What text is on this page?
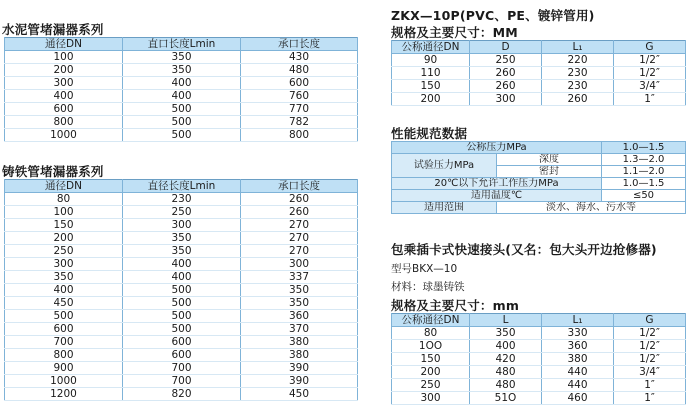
水泥管堵漏器系列
通径DN	直口长度Lmin	承口长度
100	350	430
200	350	480
300	400	600
400	400	760
600	500	770
800	500	782
1000	500	800
铸铁管堵漏器系列
通径DN	直径长度Lmin	承口长度
80	230	260
100	250	260
150	300	270
200	350	270
250	350	270
300	400	300
350	400	337
400	500	350
450	500	350
500	500	360
600	500	370
700	600	380
800	600	380
900	700	390
1000	700	390
1200	820	450
ZKX—10P(PVC、PE、镀锌管用)
规格及主要尺寸：MM
公称通径DN	D	L₁	G
90	250	220	1/2″
110	260	230	1/2″
150	260	230	3/4″
200	300	260	1″
性能规范数据
公称压力MPa		1.0—1.5
试验压力MPa	深度	1.3—2.0
	密封	1.1—2.0
20℃以下允许工作压力MPa		1.0—1.5
适用温度℃		≤50
适用范围	淡水、海水、污水等	
包乘插卡式快速接头(又名：包大头开边抢修器)
型号BKX—10
材料：球墨铸铁
规格及主要尺寸：mm
公称通径DN	L	L₁	G
80	350	330	1/2″
1OO	400	360	1/2″
150	420	380	1/2″
200	480	440	3/4″
250	480	440	1″
300	51O	460	1″
